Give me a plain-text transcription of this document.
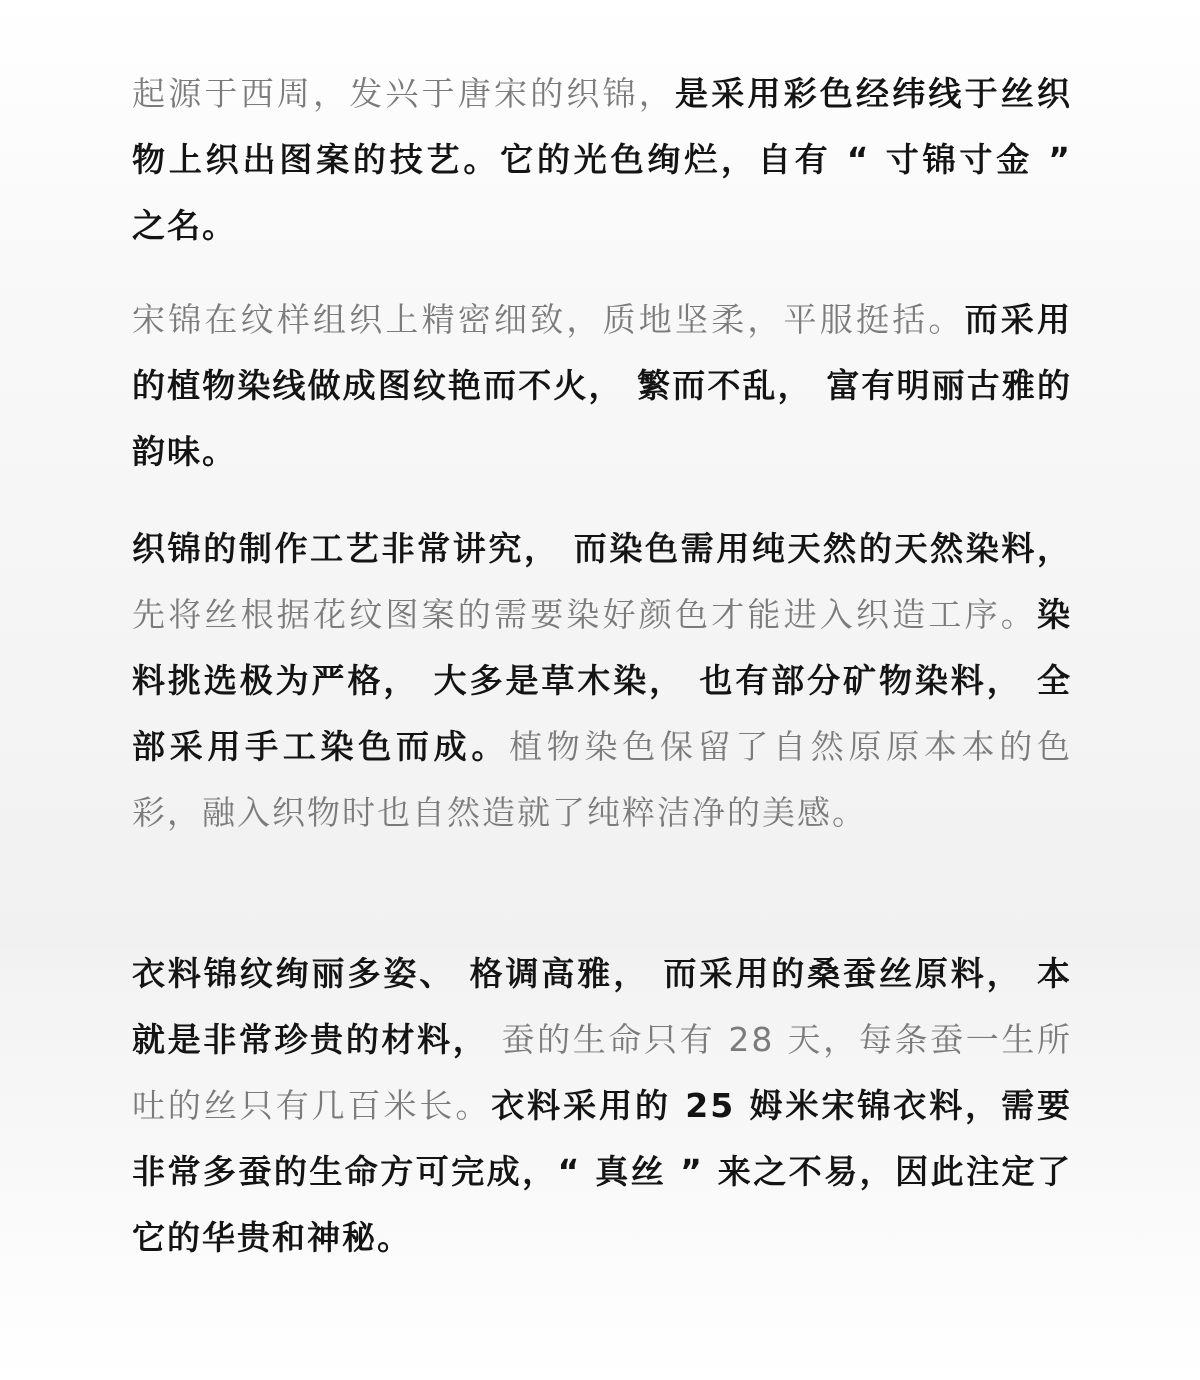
起源于西周，发兴于唐宋的织锦，是采用彩色经纬线于丝织物上织出图案的技艺。它的光色绚烂，自有 “ 寸锦寸金 ” 之名。

宋锦在纹样组织上精密细致，质地坚柔，平服挺括。而采用的植物染线做成图纹艳而不火， 繁而不乱， 富有明丽古雅的韵味。

织锦的制作工艺非常讲究， 而染色需用纯天然的天然染料， 先将丝根据花纹图案的需要染好颜色才能进入织造工序。染料挑选极为严格， 大多是草木染， 也有部分矿物染料， 全部采用手工染色而成。植物染色保留了自然原原本本的色彩，融入织物时也自然造就了纯粹洁净的美感。

衣料锦纹绚丽多姿、 格调高雅， 而采用的桑蚕丝原料， 本就是非常珍贵的材料， 蚕的生命只有 28 天，每条蚕一生所吐的丝只有几百米长。衣料采用的 25 姆米宋锦衣料，需要非常多蚕的生命方可完成，“ 真丝 ” 来之不易，因此注定了它的华贵和神秘。
